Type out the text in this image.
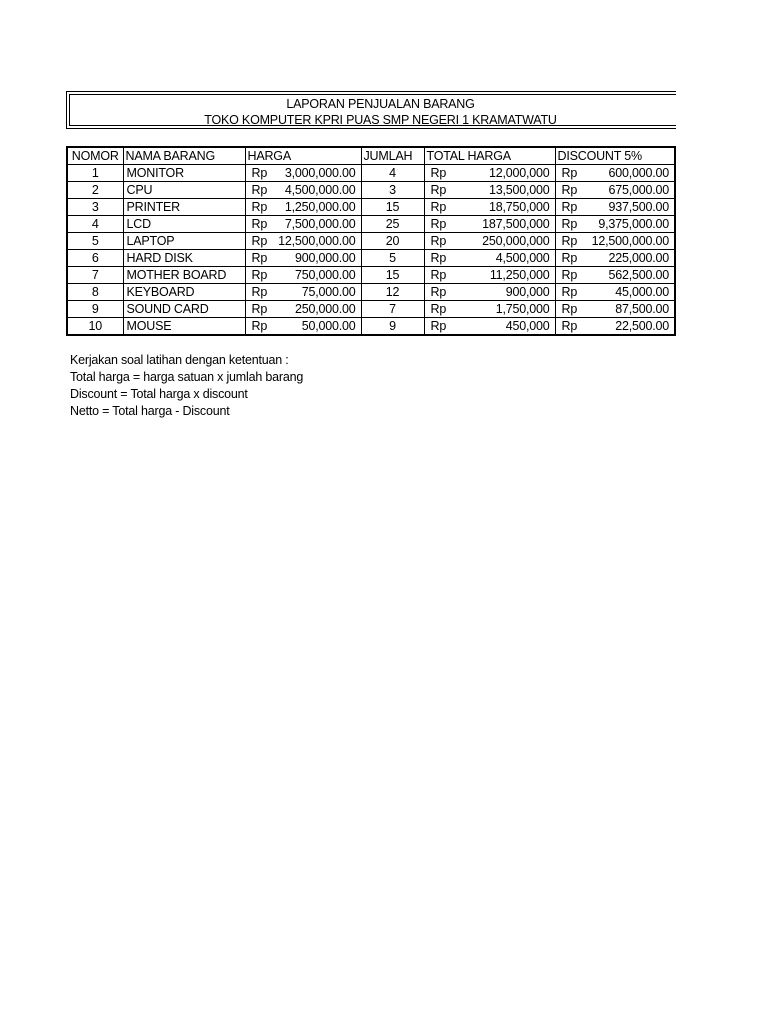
LAPORAN PENJUALAN BARANG
TOKO KOMPUTER KPRI PUAS SMP NEGERI 1 KRAMATWATU
NOMOR	NAMA BARANG	HARGA	JUMLAH	TOTAL HARGA	DISCOUNT 5%
1	MONITOR	Rp 3,000,000.00	4	Rp 12,000,000	Rp 600,000.00

2	CPU	Rp 4,500,000.00	3	Rp 13,500,000	Rp 675,000.00

3	PRINTER	Rp 1,250,000.00	15	Rp 18,750,000	Rp 937,500.00

4	LCD	Rp 7,500,000.00	25	Rp 187,500,000	Rp 9,375,000.00

5	LAPTOP	Rp 12,500,000.00	20	Rp 250,000,000	Rp 12,500,000.00

6	HARD DISK	Rp 900,000.00	5	Rp 4,500,000	Rp 225,000.00

7	MOTHER BOARD	Rp 750,000.00	15	Rp 11,250,000	Rp 562,500.00

8	KEYBOARD	Rp 75,000.00	12	Rp 900,000	Rp 45,000.00

9	SOUND CARD	Rp 250,000.00	7	Rp 1,750,000	Rp 87,500.00

10	MOUSE	Rp 50,000.00	9	Rp 450,000	Rp 22,500.00
Kerjakan soal latihan dengan ketentuan :
Total harga = harga satuan x jumlah barang
Discount = Total harga x discount
Netto = Total harga - Discount
